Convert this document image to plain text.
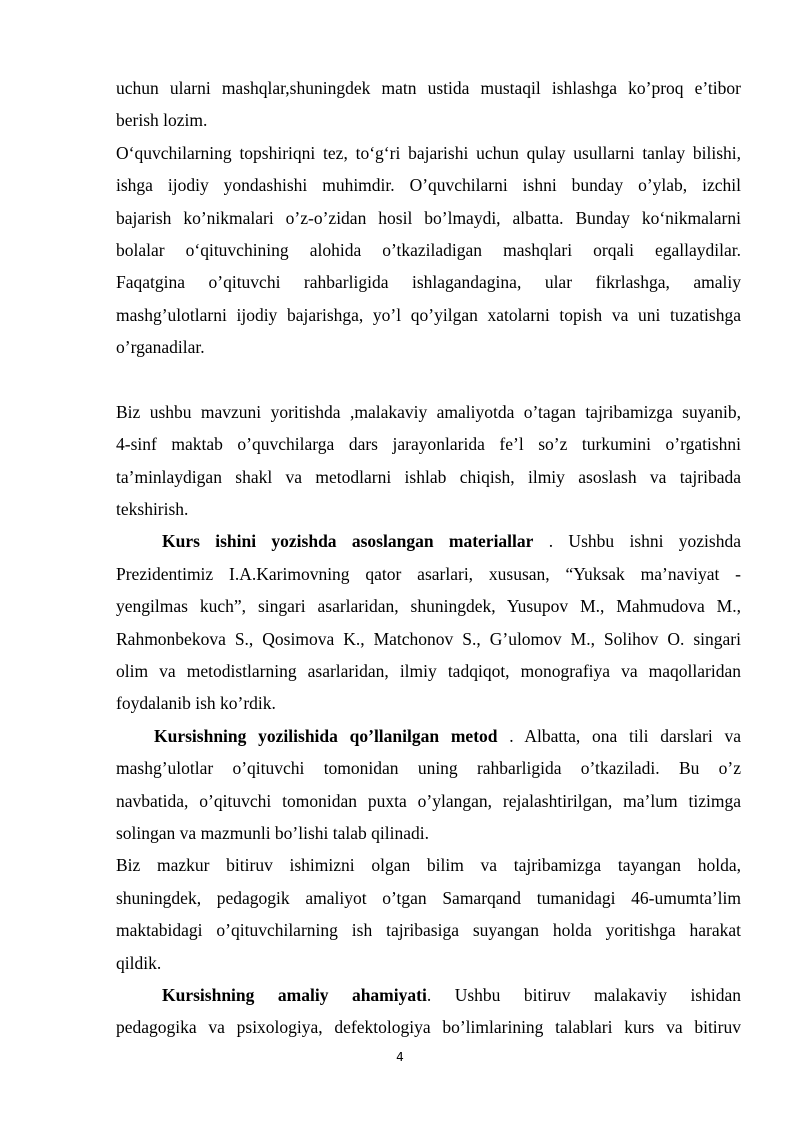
uchun ularni mashqlar,shuningdek matn ustida mustaqil ishlashga ko’proq e’tibor
berish lozim.
O‘quvchilarning topshiriqni tez, to‘g‘ri bajarishi uchun qulay usullarni tanlay bilishi,
ishga ijodiy yondashishi muhimdir. O’quvchilarni ishni bunday o’ylab, izchil
bajarish ko’nikmalari o’z-o’zidan hosil bo’lmaydi, albatta. Bunday ko‘nikmalarni
bolalar o‘qituvchining alohida o’tkaziladigan mashqlari orqali egallaydilar.
Faqatgina o’qituvchi rahbarligida ishlagandagina, ular fikrlashga, amaliy
mashg’ulotlarni ijodiy bajarishga, yo’l qo’yilgan xatolarni topish va uni tuzatishga
o’rganadilar.
Biz ushbu mavzuni yoritishda ,malakaviy amaliyotda o’tagan tajribamizga suyanib,
4-sinf maktab o’quvchilarga dars jarayonlarida fe’l so’z turkumini o’rgatishni
ta’minlaydigan shakl va metodlarni ishlab chiqish, ilmiy asoslash va tajribada
tekshirish.
Kurs ishini yozishda asoslangan materiallar . Ushbu ishni yozishda
Prezidentimiz I.A.Karimovning qator asarlari, xususan, “Yuksak ma’naviyat -
yengilmas kuch”, singari asarlaridan, shuningdek, Yusupov M., Mahmudova M.,
Rahmonbekova S., Qosimova K., Matchonov S., G’ulomov M., Solihov O. singari
olim va metodistlarning asarlaridan, ilmiy tadqiqot, monografiya va maqollaridan
foydalanib ish ko’rdik.
Kursishning yozilishida qo’llanilgan metod . Albatta, ona tili darslari va
mashg’ulotlar o’qituvchi tomonidan uning rahbarligida o’tkaziladi. Bu o’z
navbatida, o’qituvchi tomonidan puxta o’ylangan, rejalashtirilgan, ma’lum tizimga
solingan va mazmunli bo’lishi talab qilinadi.
Biz mazkur bitiruv ishimizni olgan bilim va tajribamizga tayangan holda,
shuningdek, pedagogik amaliyot o’tgan Samarqand tumanidagi 46-umumta’lim
maktabidagi o’qituvchilarning ish tajribasiga suyangan holda yoritishga harakat
qildik.
Kursishning amaliy ahamiyati. Ushbu bitiruv malakaviy ishidan
pedagogika va psixologiya, defektologiya bo’limlarining talablari kurs va bitiruv
4
